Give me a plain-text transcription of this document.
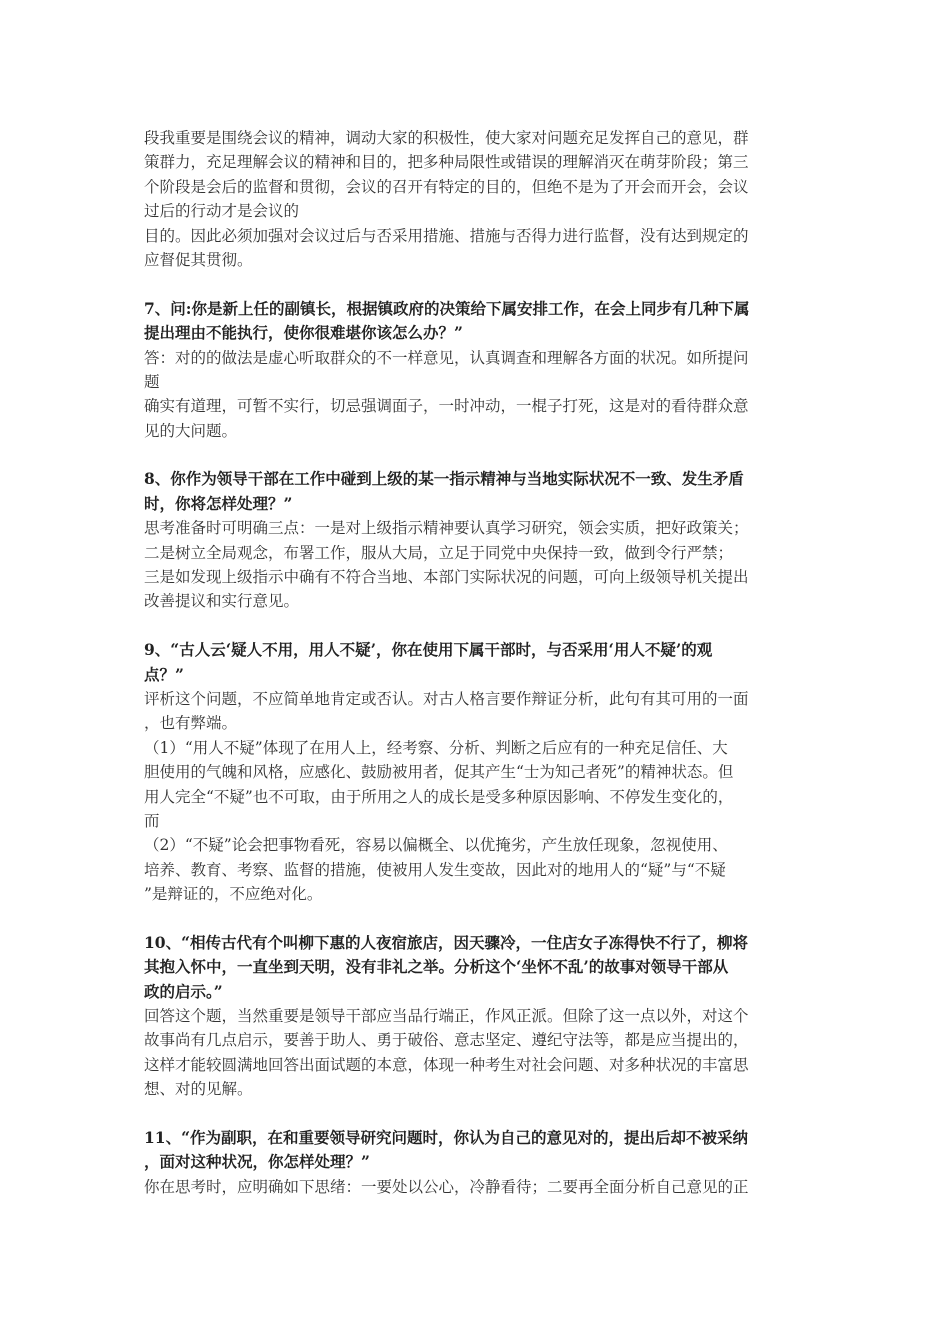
段我重要是围绕会议的精神，调动大家的积极性，使大家对问题充足发挥自己的意见，群
策群力，充足理解会议的精神和目的，把多种局限性或错误的理解消灭在萌芽阶段；第三
个阶段是会后的监督和贯彻，会议的召开有特定的目的，但绝不是为了开会而开会，会议
过后的行动才是会议的
目的。因此必须加强对会议过后与否采用措施、措施与否得力进行监督，没有达到规定的
应督促其贯彻。
7、问:你是新上任的副镇长，根据镇政府的决策给下属安排工作，在会上同步有几种下属
提出理由不能执行，使你很难堪你该怎么办？”
答：对的的做法是虚心听取群众的不一样意见，认真调查和理解各方面的状况。如所提问
题
确实有道理，可暂不实行，切忌强调面子，一时冲动，一棍子打死，这是对的看待群众意
见的大问题。
8、你作为领导干部在工作中碰到上级的某一指示精神与当地实际状况不一致、发生矛盾
时，你将怎样处理？”
思考准备时可明确三点：一是对上级指示精神要认真学习研究，领会实质，把好政策关；
二是树立全局观念，布署工作，服从大局，立足于同党中央保持一致，做到令行严禁；
三是如发现上级指示中确有不符合当地、本部门实际状况的问题，可向上级领导机关提出
改善提议和实行意见。
9、“古人云‘疑人不用，用人不疑’，你在使用下属干部时，与否采用‘用人不疑’的观
点？”
评析这个问题，不应简单地肯定或否认。对古人格言要作辩证分析，此句有其可用的一面
，也有弊端。
（1）“用人不疑”体现了在用人上，经考察、分析、判断之后应有的一种充足信任、大
胆使用的气魄和风格，应感化、鼓励被用者，促其产生“士为知己者死”的精神状态。但
用人完全“不疑”也不可取，由于所用之人的成长是受多种原因影响、不停发生变化的，
而
（2）“不疑”论会把事物看死，容易以偏概全、以优掩劣，产生放任现象，忽视使用、
培养、教育、考察、监督的措施，使被用人发生变故，因此对的地用人的“疑”与“不疑
”是辩证的，不应绝对化。
10、“相传古代有个叫柳下惠的人夜宿旅店，因天骤冷，一住店女子冻得快不行了，柳将
其抱入怀中，一直坐到天明，没有非礼之举。分析这个‘坐怀不乱’的故事对领导干部从
政的启示。”
回答这个题，当然重要是领导干部应当品行端正，作风正派。但除了这一点以外，对这个
故事尚有几点启示，要善于助人、勇于破俗、意志坚定、遵纪守法等，都是应当提出的，
这样才能较圆满地回答出面试题的本意，体现一种考生对社会问题、对多种状况的丰富思
想、对的见解。
11、“作为副职，在和重要领导研究问题时，你认为自己的意见对的，提出后却不被采纳
，面对这种状况，你怎样处理？”
你在思考时，应明确如下思绪：一要处以公心，冷静看待；二要再全面分析自己意见的正
